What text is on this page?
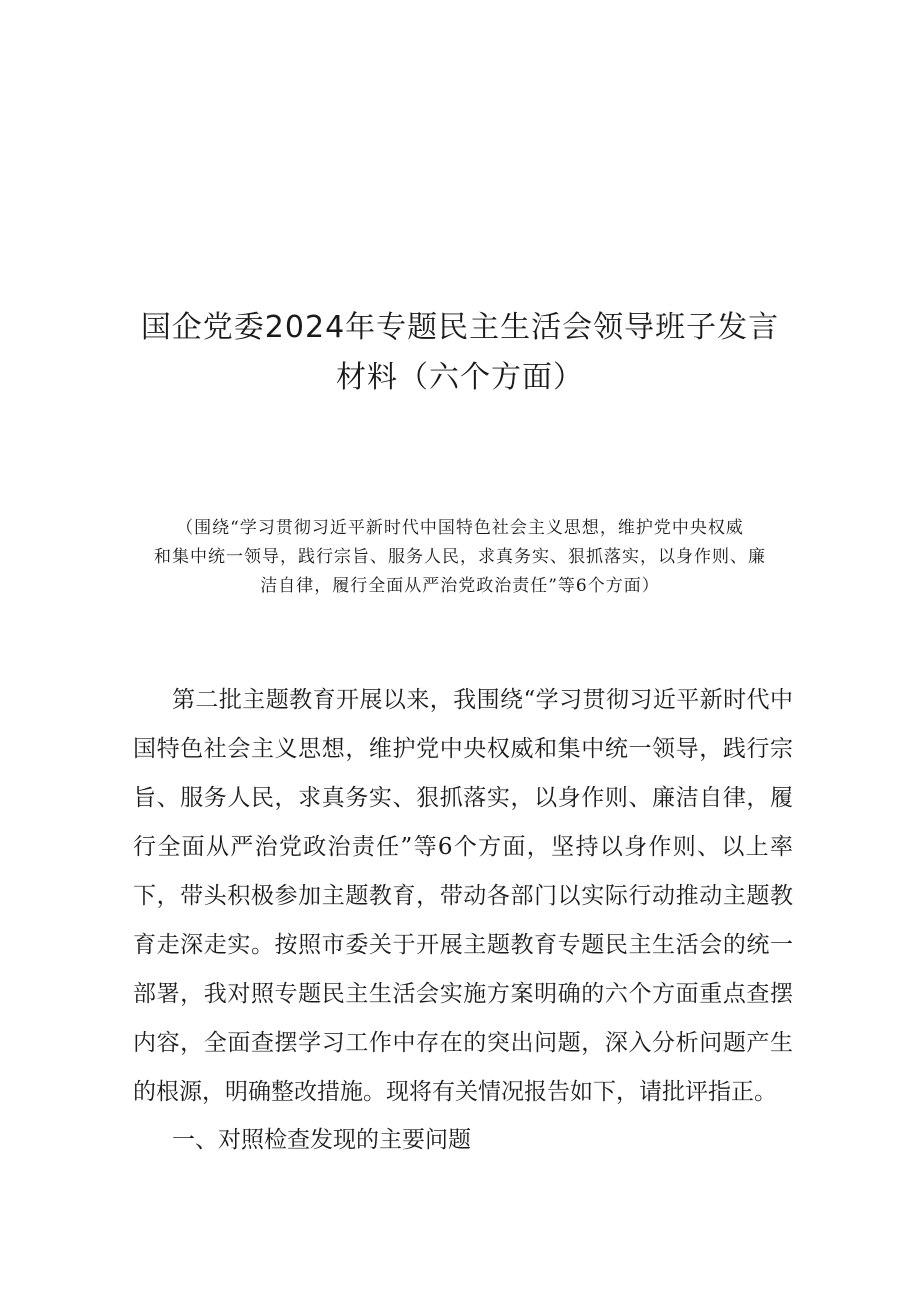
国企党委2024年专题民主生活会领导班子发言
材料（六个方面）
（围绕“学习贯彻习近平新时代中国特色社会主义思想，维护党中央权威
和集中统一领导，践行宗旨、服务人民，求真务实、狠抓落实，以身作则、廉
洁自律，履行全面从严治党政治责任”等6个方面）
第二批主题教育开展以来，我围绕“学习贯彻习近平新时代中
国特色社会主义思想，维护党中央权威和集中统一领导，践行宗
旨、服务人民，求真务实、狠抓落实，以身作则、廉洁自律，履
行全面从严治党政治责任”等6个方面，坚持以身作则、以上率
下，带头积极参加主题教育，带动各部门以实际行动推动主题教
育走深走实。按照市委关于开展主题教育专题民主生活会的统一
部署，我对照专题民主生活会实施方案明确的六个方面重点查摆
内容，全面查摆学习工作中存在的突出问题，深入分析问题产生
的根源，明确整改措施。现将有关情况报告如下，请批评指正。
一、对照检查发现的主要问题
